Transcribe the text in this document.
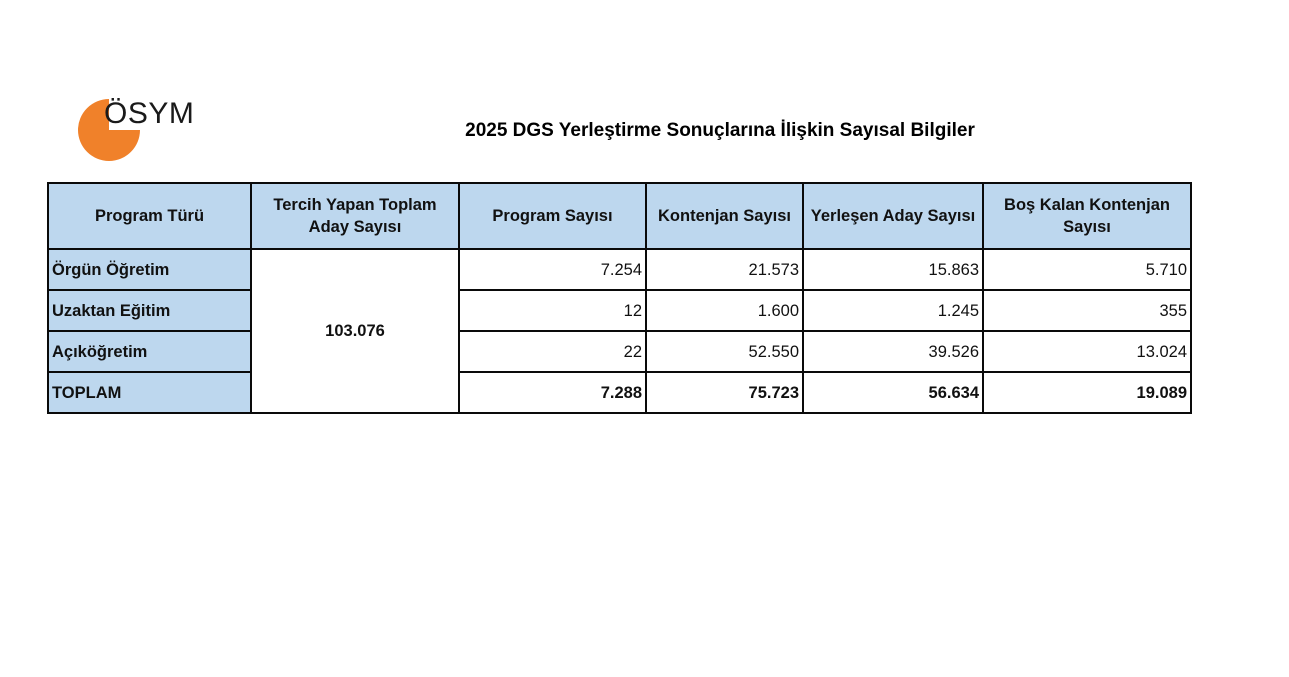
ÖSYM
2025 DGS Yerleştirme Sonuçlarına İlişkin Sayısal Bilgiler
Program Türü	Tercih Yapan Toplam Aday Sayısı	Program Sayısı	Kontenjan Sayısı	Yerleşen Aday Sayısı	Boş Kalan Kontenjan Sayısı
Örgün Öğretim	103.076	7.254	21.573	15.863	5.710
Uzaktan Eğitim		12	1.600	1.245	355
Açıköğretim		22	52.550	39.526	13.024
TOPLAM		7.288	75.723	56.634	19.089
